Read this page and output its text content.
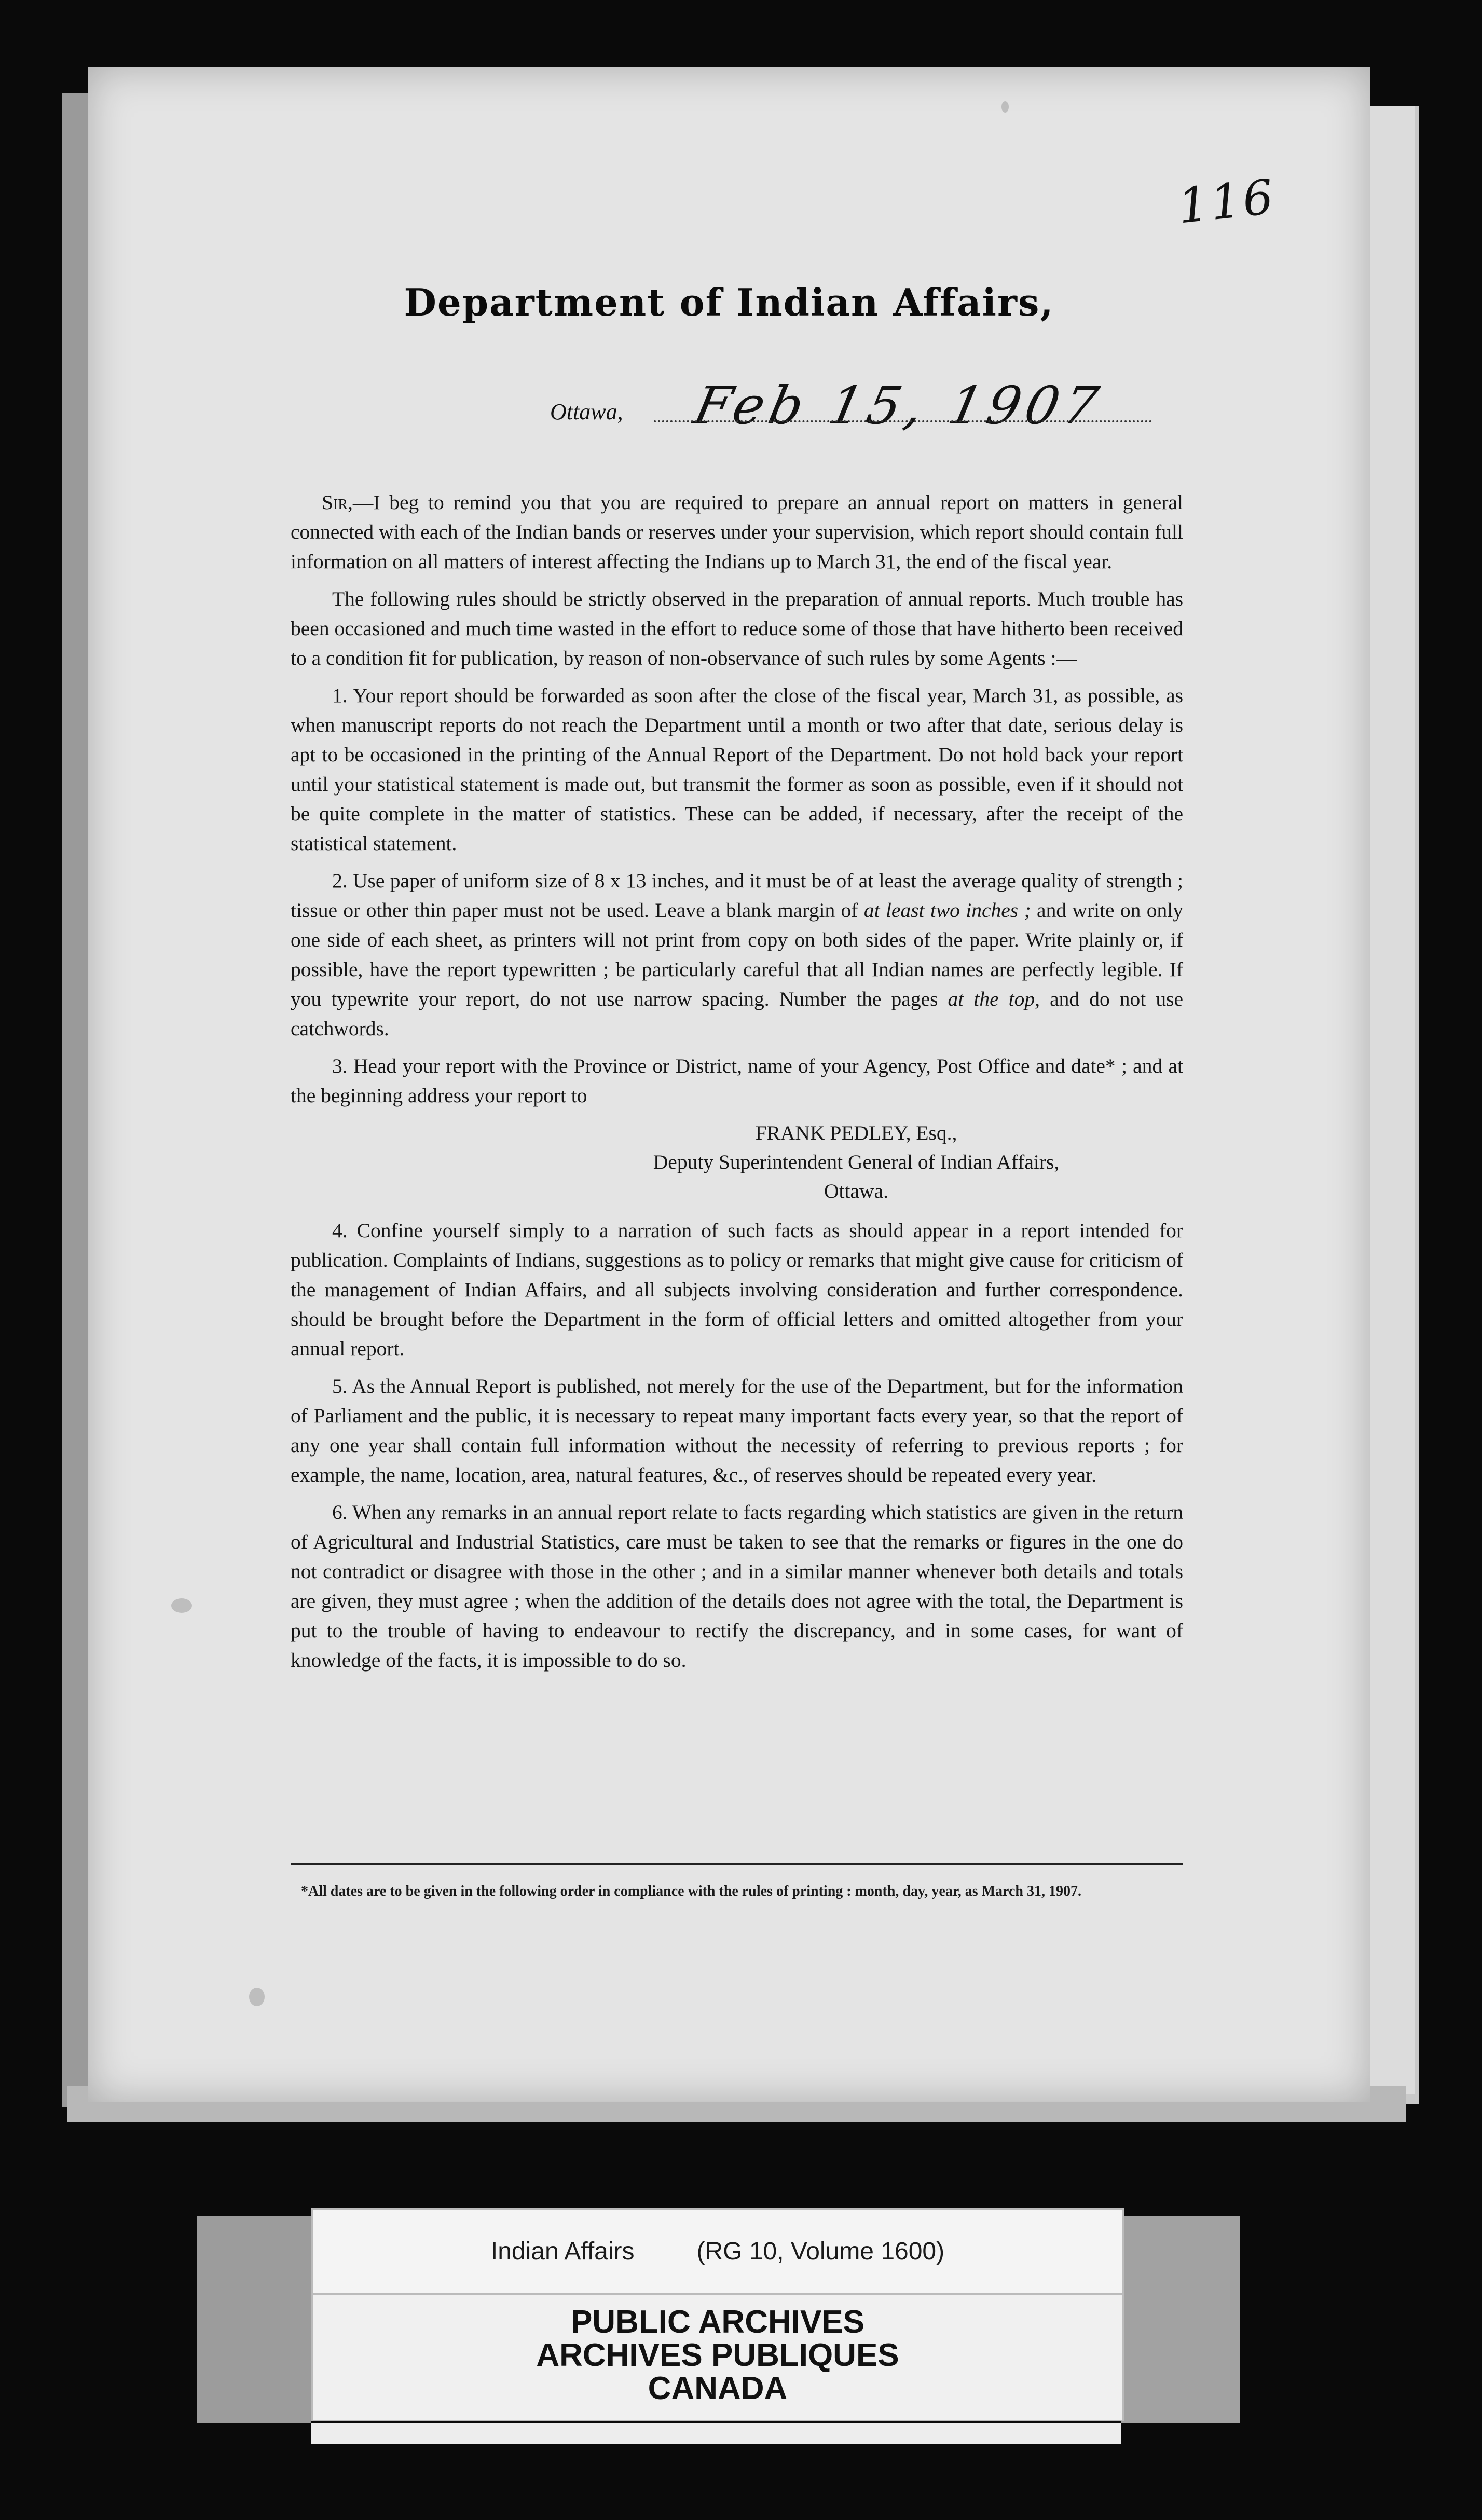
116
Department of Indian Affairs,
Ottawa, Feb 15, 1907

Sir,—I beg to remind you that you are required to prepare an annual report on matters in general connected with each of the Indian bands or reserves under your supervision, which report should contain full information on all matters of interest affecting the Indians up to March 31, the end of the fiscal year.

The following rules should be strictly observed in the preparation of annual reports. Much trouble has been occasioned and much time wasted in the effort to reduce some of those that have hitherto been received to a condition fit for publication, by reason of non-observance of such rules by some Agents :—

1. Your report should be forwarded as soon after the close of the fiscal year, March 31, as possible, as when manuscript reports do not reach the Department until a month or two after that date, serious delay is apt to be occasioned in the printing of the Annual Report of the Department. Do not hold back your report until your statistical statement is made out, but transmit the former as soon as possible, even if it should not be quite complete in the matter of statistics. These can be added, if necessary, after the receipt of the statistical statement.

2. Use paper of uniform size of 8 x 13 inches, and it must be of at least the average quality of strength ; tissue or other thin paper must not be used. Leave a blank margin of at least two inches ; and write on only one side of each sheet, as printers will not print from copy on both sides of the paper. Write plainly or, if possible, have the report typewritten ; be particularly careful that all Indian names are perfectly legible. If you typewrite your report, do not use narrow spacing. Number the pages at the top, and do not use catchwords.

3. Head your report with the Province or District, name of your Agency, Post Office and date* ; and at the beginning address your report to

FRANK PEDLEY, Esq.,
Deputy Superintendent General of Indian Affairs,
Ottawa.

4. Confine yourself simply to a narration of such facts as should appear in a report intended for publication. Complaints of Indians, suggestions as to policy or remarks that might give cause for criticism of the management of Indian Affairs, and all subjects involving consideration and further correspondence. should be brought before the Department in the form of official letters and omitted altogether from your annual report.

5. As the Annual Report is published, not merely for the use of the Department, but for the information of Parliament and the public, it is necessary to repeat many important facts every year, so that the report of any one year shall contain full information without the necessity of referring to previous reports ; for example, the name, location, area, natural features, &c., of reserves should be repeated every year.

6. When any remarks in an annual report relate to facts regarding which statistics are given in the return of Agricultural and Industrial Statistics, care must be taken to see that the remarks or figures in the one do not contradict or disagree with those in the other ; and in a similar manner whenever both details and totals are given, they must agree ; when the addition of the details does not agree with the total, the Department is put to the trouble of having to endeavour to rectify the discrepancy, and in some cases, for want of knowledge of the facts, it is impossible to do so.

*All dates are to be given in the following order in compliance with the rules of printing : month, day, year, as March 31, 1907.
Indian Affairs	(RG 10, Volume 1600)
PUBLIC ARCHIVES
ARCHIVES PUBLIQUES
CANADA
